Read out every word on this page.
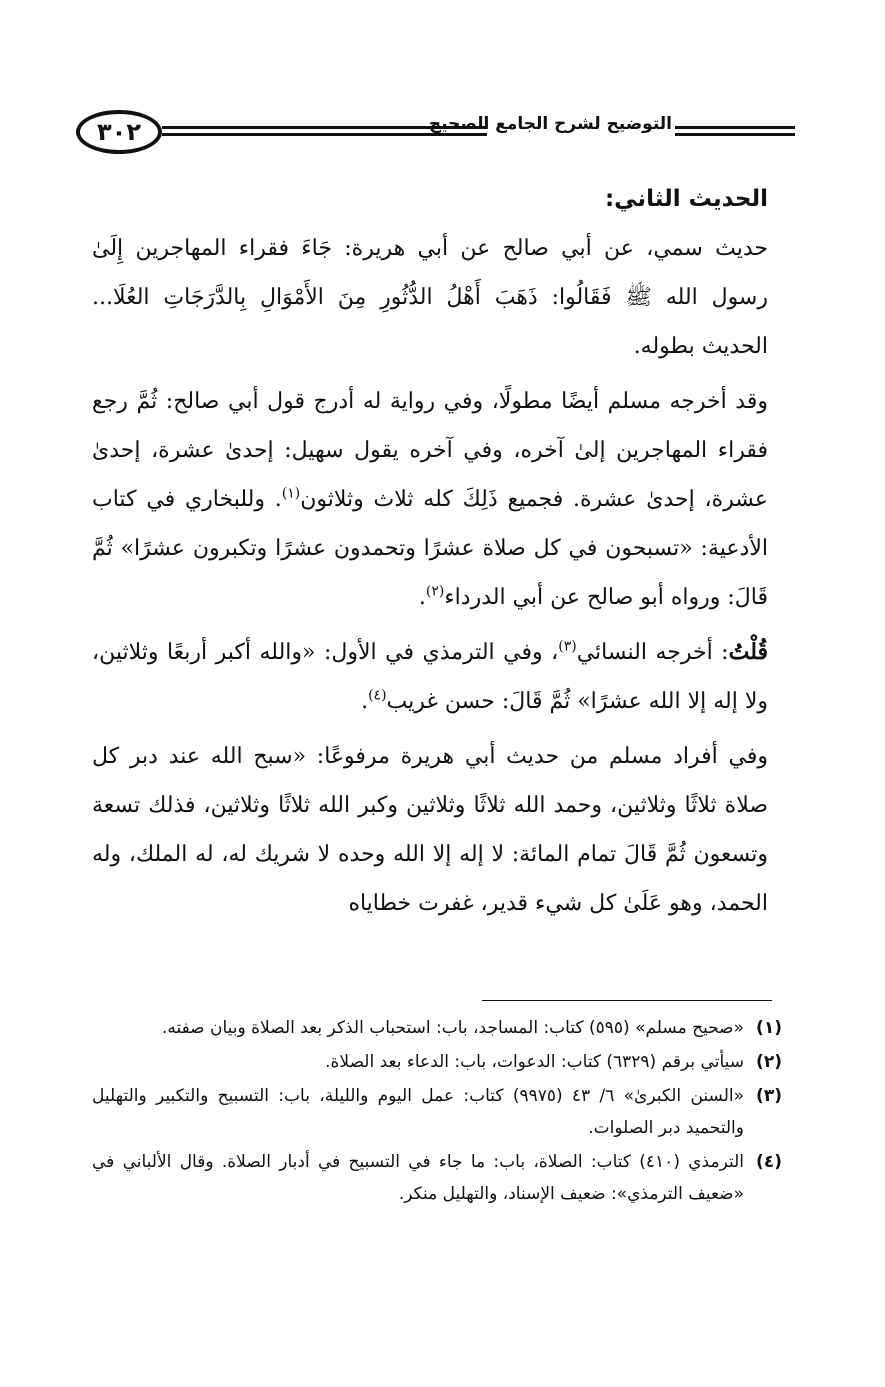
٣٠٢	التوضيح لشرح الجامع الصحيح
الحديث الثاني:

حديث سمي، عن أبي صالح عن أبي هريرة: جَاءَ فقراء المهاجرين إِلَىٰ رسول الله ﷺ فَقَالُوا: ذَهَبَ أَهْلُ الدُّثُورِ مِنَ الأَمْوَالِ بِالدَّرَجَاتِ العُلَا... الحديث بطوله.

وقد أخرجه مسلم أيضًا مطولًا، وفي رواية له أدرج قول أبي صالح: ثُمَّ رجع فقراء المهاجرين إلىٰ آخره، وفي آخره يقول سهيل: إحدىٰ عشرة، إحدىٰ عشرة، إحدىٰ عشرة. فجميع ذَلِكَ كله ثلاث وثلاثون$^{(١)}$. وللبخاري في كتاب الأدعية: «تسبحون في كل صلاة عشرًا وتحمدون عشرًا وتكبرون عشرًا» ثُمَّ قَالَ: ورواه أبو صالح عن أبي الدرداء$^{(٢)}$.

قُلْتُ: أخرجه النسائي$^{(٣)}$، وفي الترمذي في الأول: «والله أكبر أربعًا وثلاثين، ولا إله إلا الله عشرًا» ثُمَّ قَالَ: حسن غريب$^{(٤)}$.

وفي أفراد مسلم من حديث أبي هريرة مرفوعًا: «سبح الله عند دبر كل صلاة ثلاثًا وثلاثين، وحمد الله ثلاثًا وثلاثين وكبر الله ثلاثًا وثلاثين، فذلك تسعة وتسعون ثُمَّ قَالَ تمام المائة: لا إله إلا الله وحده لا شريك له، له الملك، وله الحمد، وهو عَلَىٰ كل شيء قدير، غفرت خطاياه

(١)
«صحيح مسلم» (٥٩٥) كتاب: المساجد، باب: استحباب الذكر بعد الصلاة وبيان صفته.
(٢)
سيأتي برقم (٦٣٢٩) كتاب: الدعوات، باب: الدعاء بعد الصلاة.
(٣)
«السنن الكبرىٰ» ٦/ ٤٣ (٩٩٧٥) كتاب: عمل اليوم والليلة، باب: التسبيح والتكبير والتهليل والتحميد دبر الصلوات.
(٤)
الترمذي (٤١٠) كتاب: الصلاة، باب: ما جاء في التسبيح في أدبار الصلاة. وقال الألباني في «ضعيف الترمذي»: ضعيف الإسناد، والتهليل منكر.
